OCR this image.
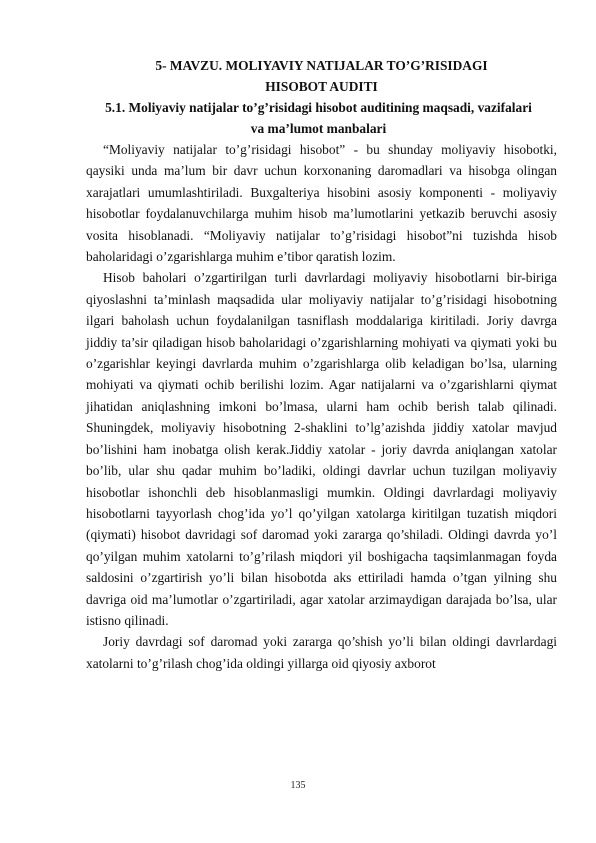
5- MAVZU. MOLIYAVIY NATIJALAR TO’G’RISIDAGI

HISOBOT AUDITI

5.1. Moliyaviy natijalar to’g’risidagi hisobot auditining maqsadi, vazifalari

va ma’lumot manbalari

“Moliyaviy natijalar to’g’risidagi hisobot” - bu shunday moliyaviy hisobotki, qaysiki unda ma’lum bir davr uchun korxonaning daromadlari va hisobga olingan xarajatlari umumlashtiriladi. Buxgalteriya hisobini asosiy komponenti - moliyaviy hisobotlar foydalanuvchilarga muhim hisob ma’lumotlarini yetkazib beruvchi asosiy vosita hisoblanadi. “Moliyaviy natijalar to’g’risidagi hisobot”ni tuzishda hisob baholaridagi o’zgarishlarga muhim e’tibor qaratish lozim.

Hisob baholari o’zgartirilgan turli davrlardagi moliyaviy hisobotlarni bir-biriga qiyoslashni ta’minlash maqsadida ular moliyaviy natijalar to’g’risidagi hisobotning ilgari baholash uchun foydalanilgan tasniflash moddalariga kiritiladi. Joriy davrga jiddiy ta’sir qiladigan hisob baholaridagi o’zgarishlarning mohiyati va qiymati yoki bu o’zgarishlar keyingi davrlarda muhim o’zgarishlarga olib keladigan bo’lsa, ularning mohiyati va qiymati ochib berilishi lozim. Agar natijalarni va o’zgarishlarni qiymat jihatidan aniqlashning imkoni bo’lmasa, ularni ham ochib berish talab qilinadi. Shuningdek, moliyaviy hisobotning 2-shaklini to’lg’azishda jiddiy xatolar mavjud bo’lishini ham inobatga olish kerak.Jiddiy xatolar - joriy davrda aniqlangan xatolar bo’lib, ular shu qadar muhim bo’ladiki, oldingi davrlar uchun tuzilgan moliyaviy hisobotlar ishonchli deb hisoblanmasligi mumkin. Oldingi davrlardagi moliyaviy hisobotlarni tayyorlash chog’ida yo’l qo’yilgan xatolarga kiritilgan tuzatish miqdori (qiymati) hisobot davridagi sof daromad yoki zararga qo’shiladi. Oldingi davrda yo’l qo’yilgan muhim xatolarni to’g’rilash miqdori yil boshigacha taqsimlanmagan foyda saldosini o’zgartirish yo’li bilan hisobotda aks ettiriladi hamda o’tgan yilning shu davriga oid ma’lumotlar o’zgartiriladi, agar xatolar arzimaydigan darajada bo’lsa, ular istisno qilinadi.

Joriy davrdagi sof daromad yoki zararga qo’shish yo’li bilan oldingi davrlardagi xatolarni to’g’rilash chog’ida oldingi yillarga oid qiyosiy axborot

135
